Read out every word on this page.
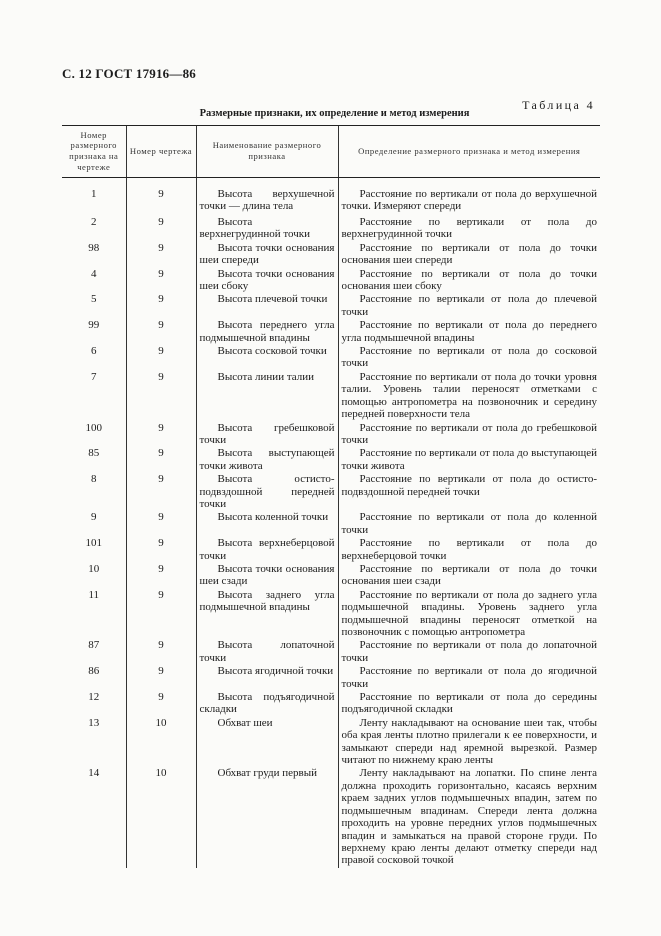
С. 12 ГОСТ 17916—86
Таблица 4
Размерные признаки, их определение и метод измерения
Номер размерного признака на чертеже	Номер чертежа	Наименование размерного признака	Определение размерного признака и метод измерения

1	9	Высота верхушечной точки — длина тела	Расстояние по вертикали от пола до верхушечной точки. Измеряют спереди

2	9	Высота верхнегрудинной точки	Расстояние по вертикали от пола до верхнегрудинной точки

98	9	Высота точки основания шеи спереди	Расстояние по вертикали от пола до точки основания шеи спереди

4	9	Высота точки основания шеи сбоку	Расстояние по вертикали от пола до точки основания шеи сбоку

5	9	Высота плечевой точки	Расстояние по вертикали от пола до плечевой точки

99	9	Высота переднего угла подмышечной впадины	Расстояние по вертикали от пола до переднего угла подмышечной впадины

6	9	Высота сосковой точки	Расстояние по вертикали от пола до сосковой точки

7	9	Высота линии талии	Расстояние по вертикали от пола до точки уровня талии. Уровень талии переносят отметками с помощью антропометра на позвоночник и середину передней поверхности тела

100	9	Высота гребешковой точки	Расстояние по вертикали от пола до гребешковой точки

85	9	Высота выступающей точки живота	Расстояние по вертикали от пола до выступающей точки живота

8	9	Высота остисто-подвздошной передней точки	Расстояние по вертикали от пола до остисто-подвздошной передней точки

9	9	Высота коленной точки	Расстояние по вертикали от пола до коленной точки

101	9	Высота верхнеберцовой точки	Расстояние по вертикали от пола до верхнеберцовой точки

10	9	Высота точки основания шеи сзади	Расстояние по вертикали от пола до точки основания шеи сзади

11	9	Высота заднего угла подмышечной впадины	Расстояние по вертикали от пола до заднего угла подмышечной впадины. Уровень заднего угла подмышечной впадины переносят отметкой на позвоночник с помощью антропометра

87	9	Высота лопаточной точки	Расстояние по вертикали от пола до лопаточной точки

86	9	Высота ягодичной точки	Расстояние по вертикали от пола до ягодичной точки

12	9	Высота подъягодичной складки	Расстояние по вертикали от пола до середины подъягодичной складки

13	10	Обхват шеи	Ленту накладывают на основание шеи так, чтобы оба края ленты плотно прилегали к ее поверхности, и замыкают спереди над яремной вырезкой. Размер читают по нижнему краю ленты

14	10	Обхват груди первый	Ленту накладывают на лопатки. По спине лента должна проходить горизонтально, касаясь верхним краем задних углов подмышечных впадин, затем по подмышечным впадинам. Спереди лента должна проходить на уровне передних углов подмышечных впадин и замыкаться на правой стороне груди. По верхнему краю ленты делают отметку спереди над правой сосковой точкой
